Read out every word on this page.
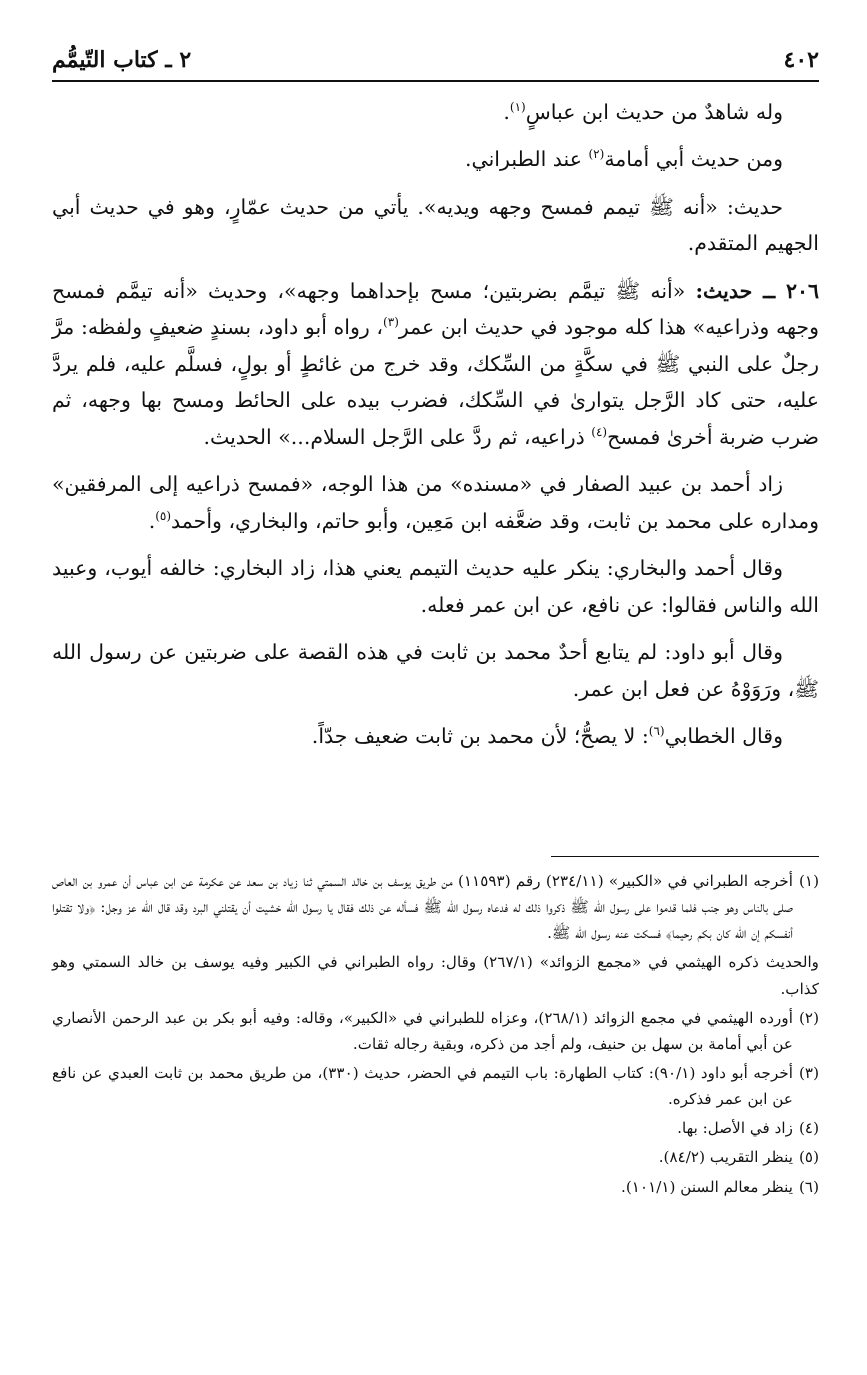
٤٠٢
٢ ـ كتاب التّيمُّم

وله شاهدٌ من حديث ابن عباسٍ$^{(١)}$.

ومن حديث أبي أمامة$^{(٢)}$ عند الطبراني.

حديث: «أنه ﷺ تيمم فمسح وجهه ويديه». يأتي من حديث عمّارٍ، وهو في حديث أبي الجهيم المتقدم.

٢٠٦ ــ حديث: «أنه ﷺ تيمَّم بضربتين؛ مسح بإحداهما وجهه»، وحديث «أنه تيمَّم فمسح وجهه وذراعيه» هذا كله موجود في حديث ابن عمر$^{(٣)}$، رواه أبو داود، بسندٍ ضعيفٍ ولفظه: مرَّ رجلٌ على النبي ﷺ في سكَّةٍ من السِّكك، وقد خرج من غائطٍ أو بولٍ، فسلَّم عليه، فلم يردَّ عليه، حتى كاد الرَّجل يتوارىٰ في السِّكك، فضرب بيده على الحائط ومسح بها وجهه، ثم ضرب ضربة أخرىٰ فمسح$^{(٤)}$ ذراعيه، ثم ردَّ على الرَّجل السلام...» الحديث.

زاد أحمد بن عبيد الصفار في «مسنده» من هذا الوجه، «فمسح ذراعيه إلى المرفقين» ومداره على محمد بن ثابت، وقد ضعَّفه ابن مَعِين، وأبو حاتم، والبخاري، وأحمد$^{(٥)}$.

وقال أحمد والبخاري: ينكر عليه حديث التيمم يعني هذا، زاد البخاري: خالفه أيوب، وعبيد الله والناس فقالوا: عن نافع، عن ابن عمر فعله.

وقال أبو داود: لم يتابع أحدٌ محمد بن ثابت في هذه القصة على ضربتين عن رسول الله ﷺ، ورَوَوْهُ عن فعل ابن عمر.

وقال الخطابي$^{(٦)}$: لا يصحُّ؛ لأن محمد بن ثابت ضعيف جدّاً.

(١)
أخرجه الطبراني في «الكبير» (٢٣٤/١١) رقم (١١٥٩٣) من طريق يوسف بن خالد السمتي ثنا زياد بن سعد عن عكرمة عن ابن عباس أن عمرو بن العاص صلى بالناس وهو جنب فلما قدموا على رسول الله ﷺ ذكروا ذلك له فدعاه رسول الله ﷺ فسأله عن ذلك فقال يا رسول الله خشيت أن يقتلني البرد وقد قال الله عز وجل: ﴿ولا تقتلوا أنفسكم إن الله كان بكم رحيما﴾ فسكت عنه رسول الله ﷺ.

والحديث ذكره الهيثمي في «مجمع الزوائد» (٢٦٧/١) وقال: رواه الطبراني في الكبير وفيه يوسف بن خالد السمتي وهو كذاب.

(٢)
أورده الهيثمي في مجمع الزوائد (٢٦٨/١)، وعزاه للطبراني في «الكبير»، وقاله: وفيه أبو بكر بن عبد الرحمن الأنصاري عن أبي أمامة بن سهل بن حنيف، ولم أجد من ذكره، وبقية رجاله ثقات.
(٣)
أخرجه أبو داود (٩٠/١): كتاب الطهارة: باب التيمم في الحضر، حديث (٣٣٠)، من طريق محمد بن ثابت العبدي عن نافع عن ابن عمر فذكره.
(٤)
زاد في الأصل: بها.
(٥)
ينظر التقريب (٨٤/٢).
(٦)
ينظر معالم السنن (١٠١/١).
